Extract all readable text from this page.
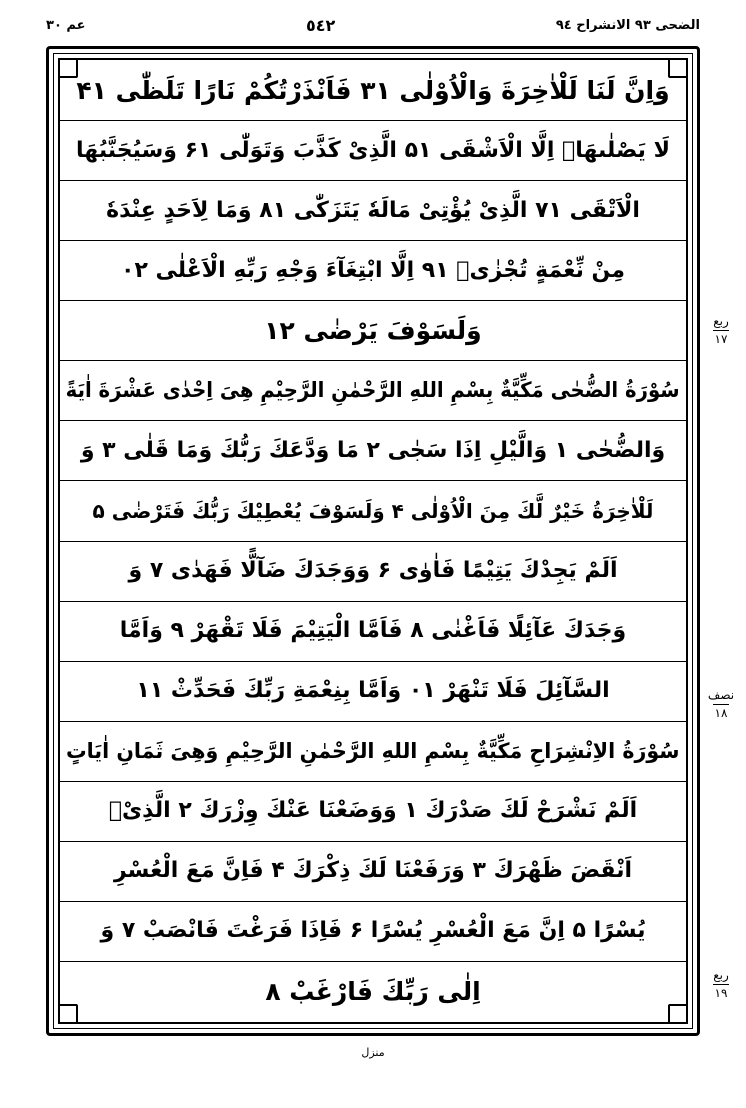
الضحى ٩٣ الانشراح ٩٤
٥٤٢
عم ٣٠
وَاِنَّ لَنَا لَلْاٰخِرَةَ وَالْاُوْلٰى ۱۳ فَاَنْذَرْتُكُمْ نَارًا تَلَظّٰى ۱۴
لَا يَصْلٰىهَاۤ اِلَّا الْاَشْقَى ۱۵ الَّذِىْ كَذَّبَ وَتَوَلّٰى ۱۶ وَسَيُجَنَّبُهَا
الْاَتْقَى ۱۷ الَّذِىْ يُؤْتِىْ مَالَهٗ يَتَزَكّٰى ۱۸ وَمَا لِاَحَدٍ عِنْدَهٗ
مِنْ نِّعْمَةٍ تُجْزٰىۤ ۱۹ اِلَّا ابْتِغَآءَ وَجْهِ رَبِّهِ الْاَعْلٰى ۲۰
وَلَسَوْفَ يَرْضٰى ۲۱
سُوْرَةُ الضُّحٰى مَكِّيَّةٌ بِسْمِ اللهِ الرَّحْمٰنِ الرَّحِيْمِ هِىَ اِحْدٰى عَشْرَةَ اٰيَةً
وَالضُّحٰى ۱ وَالَّيْلِ اِذَا سَجٰى ۲ مَا وَدَّعَكَ رَبُّكَ وَمَا قَلٰى ۳ وَ
لَلْاٰخِرَةُ خَيْرٌ لَّكَ مِنَ الْاُوْلٰى ۴ وَلَسَوْفَ يُعْطِيْكَ رَبُّكَ فَتَرْضٰى ۵
اَلَمْ يَجِدْكَ يَتِيْمًا فَاٰوٰى ۶ وَوَجَدَكَ ضَآلًّا فَهَدٰى ۷ وَ
وَجَدَكَ عَآئِلًا فَاَغْنٰى ۸ فَاَمَّا الْيَتِيْمَ فَلَا تَقْهَرْ ۹ وَاَمَّا
السَّآئِلَ فَلَا تَنْهَرْ ۱۰ وَاَمَّا بِنِعْمَةِ رَبِّكَ فَحَدِّثْ ۱۱
سُوْرَةُ الاِنْشِرَاحِ مَكِّيَّةٌ بِسْمِ اللهِ الرَّحْمٰنِ الرَّحِيْمِ وَهِىَ ثَمَانِ اٰيَاتٍ
اَلَمْ نَشْرَحْ لَكَ صَدْرَكَ ۱ وَوَضَعْنَا عَنْكَ وِزْرَكَ ۲ الَّذِىْۤ
اَنْقَضَ ظَهْرَكَ ۳ وَرَفَعْنَا لَكَ ذِكْرَكَ ۴ فَاِنَّ مَعَ الْعُسْرِ
يُسْرًا ۵ اِنَّ مَعَ الْعُسْرِ يُسْرًا ۶ فَاِذَا فَرَغْتَ فَانْصَبْ ۷ وَ
اِلٰى رَبِّكَ فَارْغَبْ ۸
ربع
١٧
نصف
١٨
ربع
١٩
منزل
